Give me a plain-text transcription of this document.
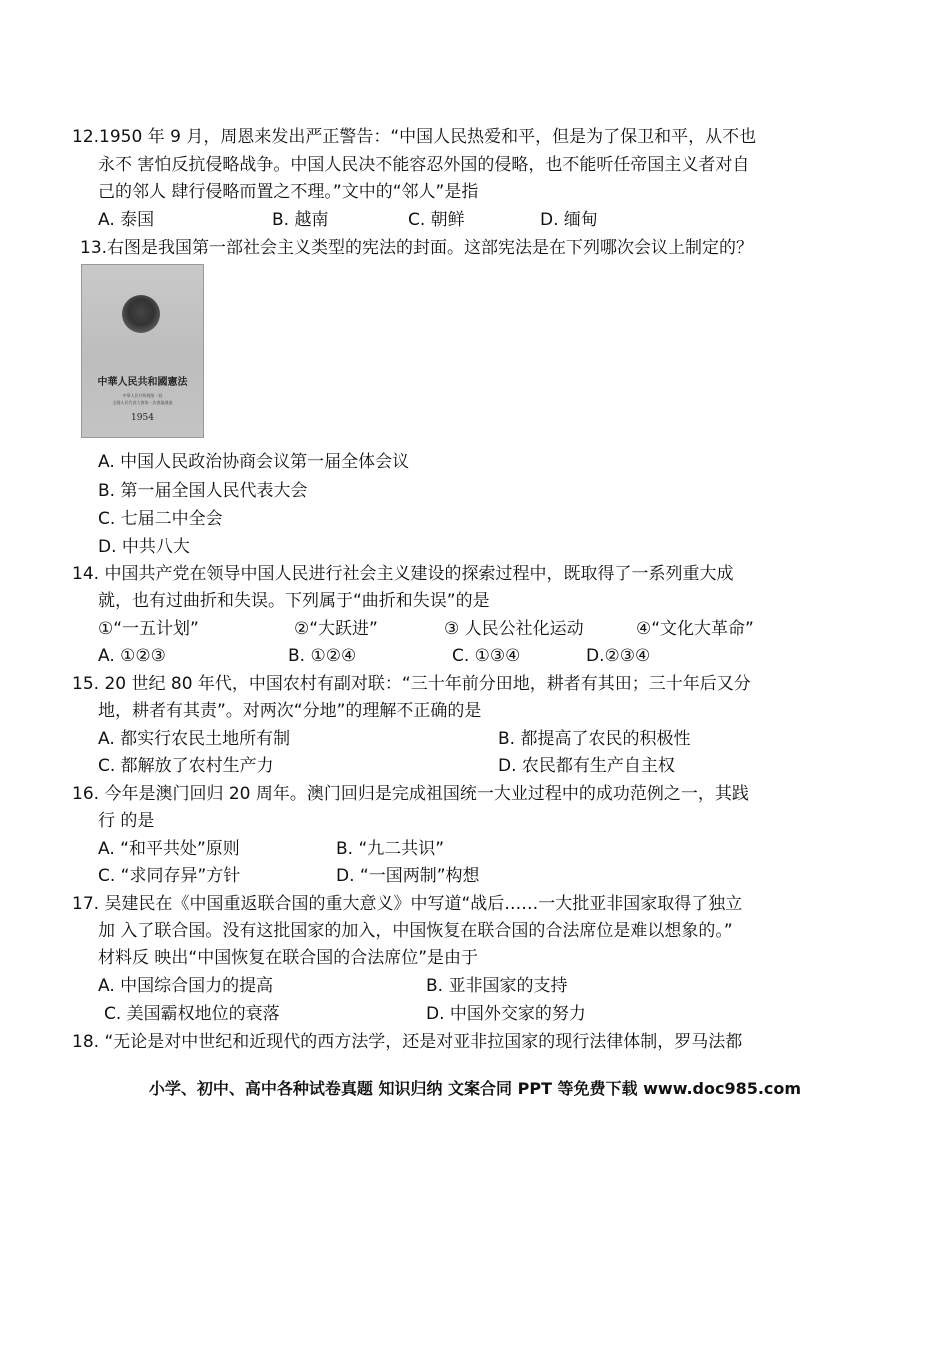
12.1950 年 9 月，周恩来发出严正警告：“中国人民热爱和平，但是为了保卫和平，从不也
永不 害怕反抗侵略战争。中国人民决不能容忍外国的侵略，也不能听任帝国主义者对自
己的邻人 肆行侵略而置之不理。”文中的“邻人”是指
A. 泰国	B. 越南	C. 朝鲜	D. 缅甸
13.右图是我国第一部社会主义类型的宪法的封面。这部宪法是在下列哪次会议上制定的？
中華人民共和國憲法
中華人民共和國第一屆
全國人民代表大會第一次會議通過
1954
A. 中国人民政治协商会议第一届全体会议
B. 第一届全国人民代表大会
C. 七届二中全会
D. 中共八大
14. 中国共产党在领导中国人民进行社会主义建设的探索过程中，既取得了一系列重大成
就，也有过曲折和失误。下列属于“曲折和失误”的是
①“一五计划”	②“大跃进”	③ 人民公社化运动	④“文化大革命”
A. ①②③	B. ①②④	C. ①③④	D.②③④
15. 20 世纪 80 年代，中国农村有副对联：“三十年前分田地，耕者有其田；三十年后又分
地，耕者有其责”。对两次“分地”的理解不正确的是
A. 都实行农民土地所有制	B. 都提高了农民的积极性
C. 都解放了农村生产力	D. 农民都有生产自主权
16. 今年是澳门回归 20 周年。澳门回归是完成祖国统一大业过程中的成功范例之一，其践
行 的是
A. “和平共处”原则	B. “九二共识”
C. “求同存异”方针	D. “一国两制”构想
17. 吴建民在《中国重返联合国的重大意义》中写道“战后……一大批亚非国家取得了独立
加 入了联合国。没有这批国家的加入，中国恢复在联合国的合法席位是难以想象的。”
材料反 映出“中国恢复在联合国的合法席位”是由于
A. 中国综合国力的提高	B. 亚非国家的支持
C. 美国霸权地位的衰落	D. 中国外交家的努力
18. “无论是对中世纪和近现代的西方法学，还是对亚非拉国家的现行法律体制，罗马法都
小学、初中、高中各种试卷真题 知识归纳 文案合同 PPT 等免费下载 www.doc985.com
